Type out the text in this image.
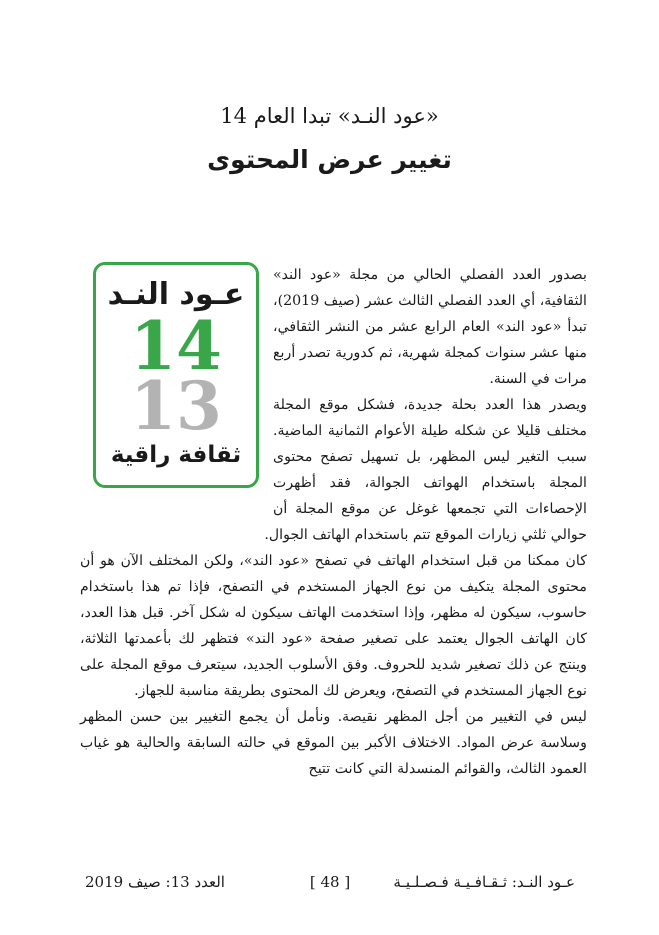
«عود النـد» تبدا العام 14
تغيير عرض المحتوى
عـود النـد
14
13
ثقافة راقية

بصدور العدد الفصلي الحالي من مجلة «عود الند» الثقافية، أي العدد الفصلي الثالث عشر (صيف 2019)، تبدأ «عود الند» العام الرابع عشر من النشر الثقافي، منها عشر سنوات كمجلة شهرية، ثم كدورية تصدر أربع مرات في السنة.

ويصدر هذا العدد بحلة جديدة، فشكل موقع المجلة مختلف قليلا عن شكله طيلة الأعوام الثمانية الماضية. سبب التغير ليس المظهر، بل تسهيل تصفح محتوى المجلة باستخدام الهواتف الجوالة، فقد أظهرت الإحصاءات التي تجمعها غوغل عن موقع المجلة أن حوالي ثلثي زيارات الموقع تتم باستخدام الهاتف الجوال.

كان ممكنا من قبل استخدام الهاتف في تصفح «عود الند»، ولكن المختلف الآن هو أن محتوى المجلة يتكيف من نوع الجهاز المستخدم في التصفح، فإذا تم هذا باستخدام حاسوب، سيكون له مظهر، وإذا استخدمت الهاتف سيكون له شكل آخر. قبل هذا العدد، كان الهاتف الجوال يعتمد على تصغير صفحة «عود الند» فتظهر لك بأعمدتها الثلاثة، وينتج عن ذلك تصغير شديد للحروف. وفق الأسلوب الجديد، سيتعرف موقع المجلة على نوع الجهاز المستخدم في التصفح، ويعرض لك المحتوى بطريقة مناسبة للجهاز.

ليس في التغيير من أجل المظهر نقيصة. ونأمل أن يجمع التغيير بين حسن المظهر وسلاسة عرض المواد. الاختلاف الأكبر بين الموقع في حالته السابقة والحالية هو غياب العمود الثالث، والقوائم المنسدلة التي كانت تتيح

عـود النـد: ثـقـافـيـة فـصـلـيـة
[ 48 ]
العدد 13: صيف 2019
